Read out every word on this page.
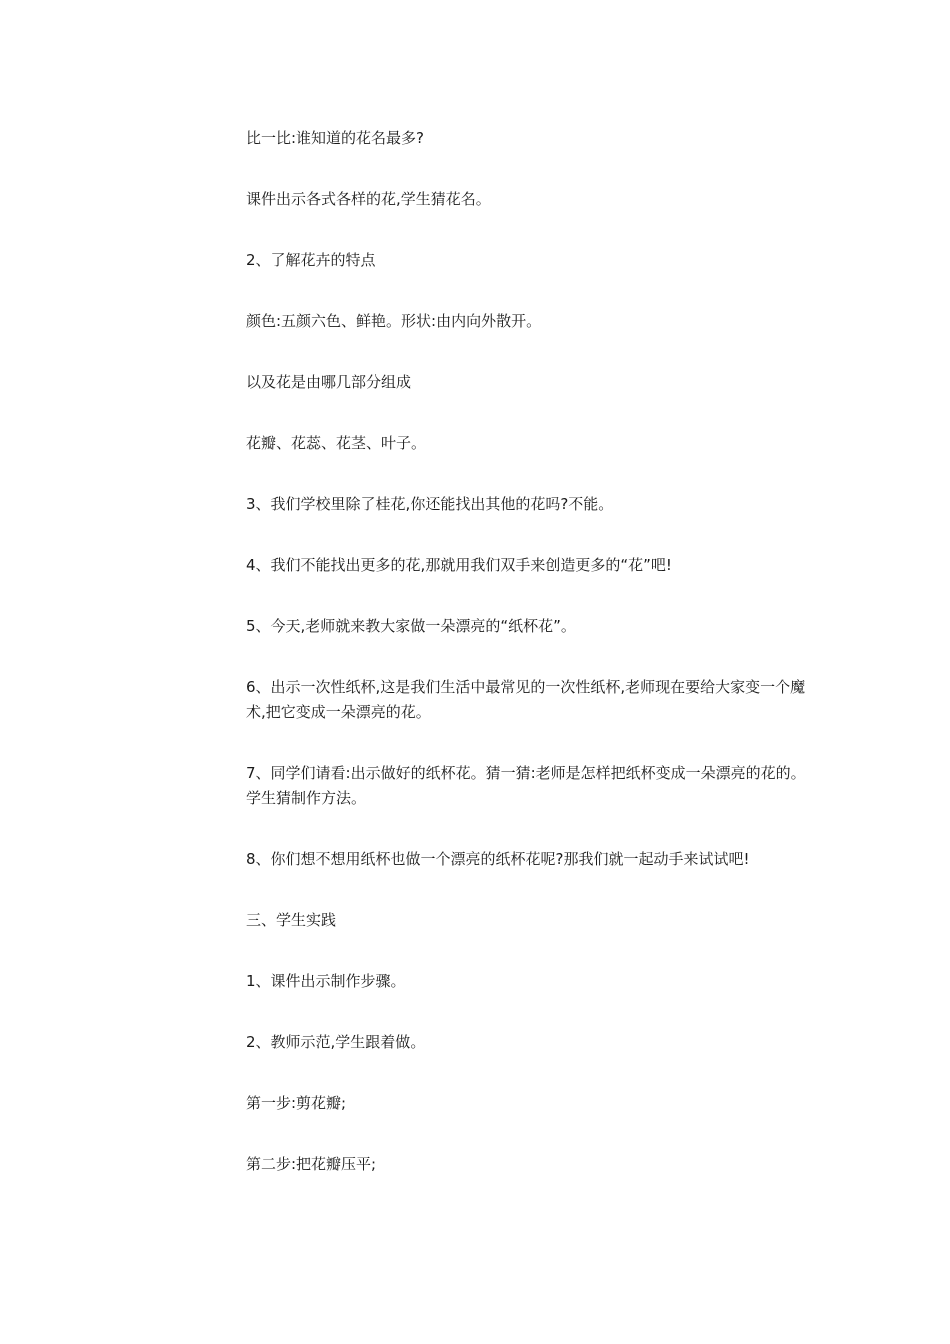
比一比:谁知道的花名最多?

课件出示各式各样的花,学生猜花名。

2、了解花卉的特点

颜色:五颜六色、鲜艳。形状:由内向外散开。

以及花是由哪几部分组成

花瓣、花蕊、花茎、叶子。

3、我们学校里除了桂花,你还能找出其他的花吗?不能。

4、我们不能找出更多的花,那就用我们双手来创造更多的“花”吧!

5、今天,老师就来教大家做一朵漂亮的“纸杯花”。

6、出示一次性纸杯,这是我们生活中最常见的一次性纸杯,老师现在要给大家变一个魔术,把它变成一朵漂亮的花。

7、同学们请看:出示做好的纸杯花。猜一猜:老师是怎样把纸杯变成一朵漂亮的花的。学生猜制作方法。

8、你们想不想用纸杯也做一个漂亮的纸杯花呢?那我们就一起动手来试试吧!

三、学生实践

1、课件出示制作步骤。

2、教师示范,学生跟着做。

第一步:剪花瓣;

第二步:把花瓣压平;
